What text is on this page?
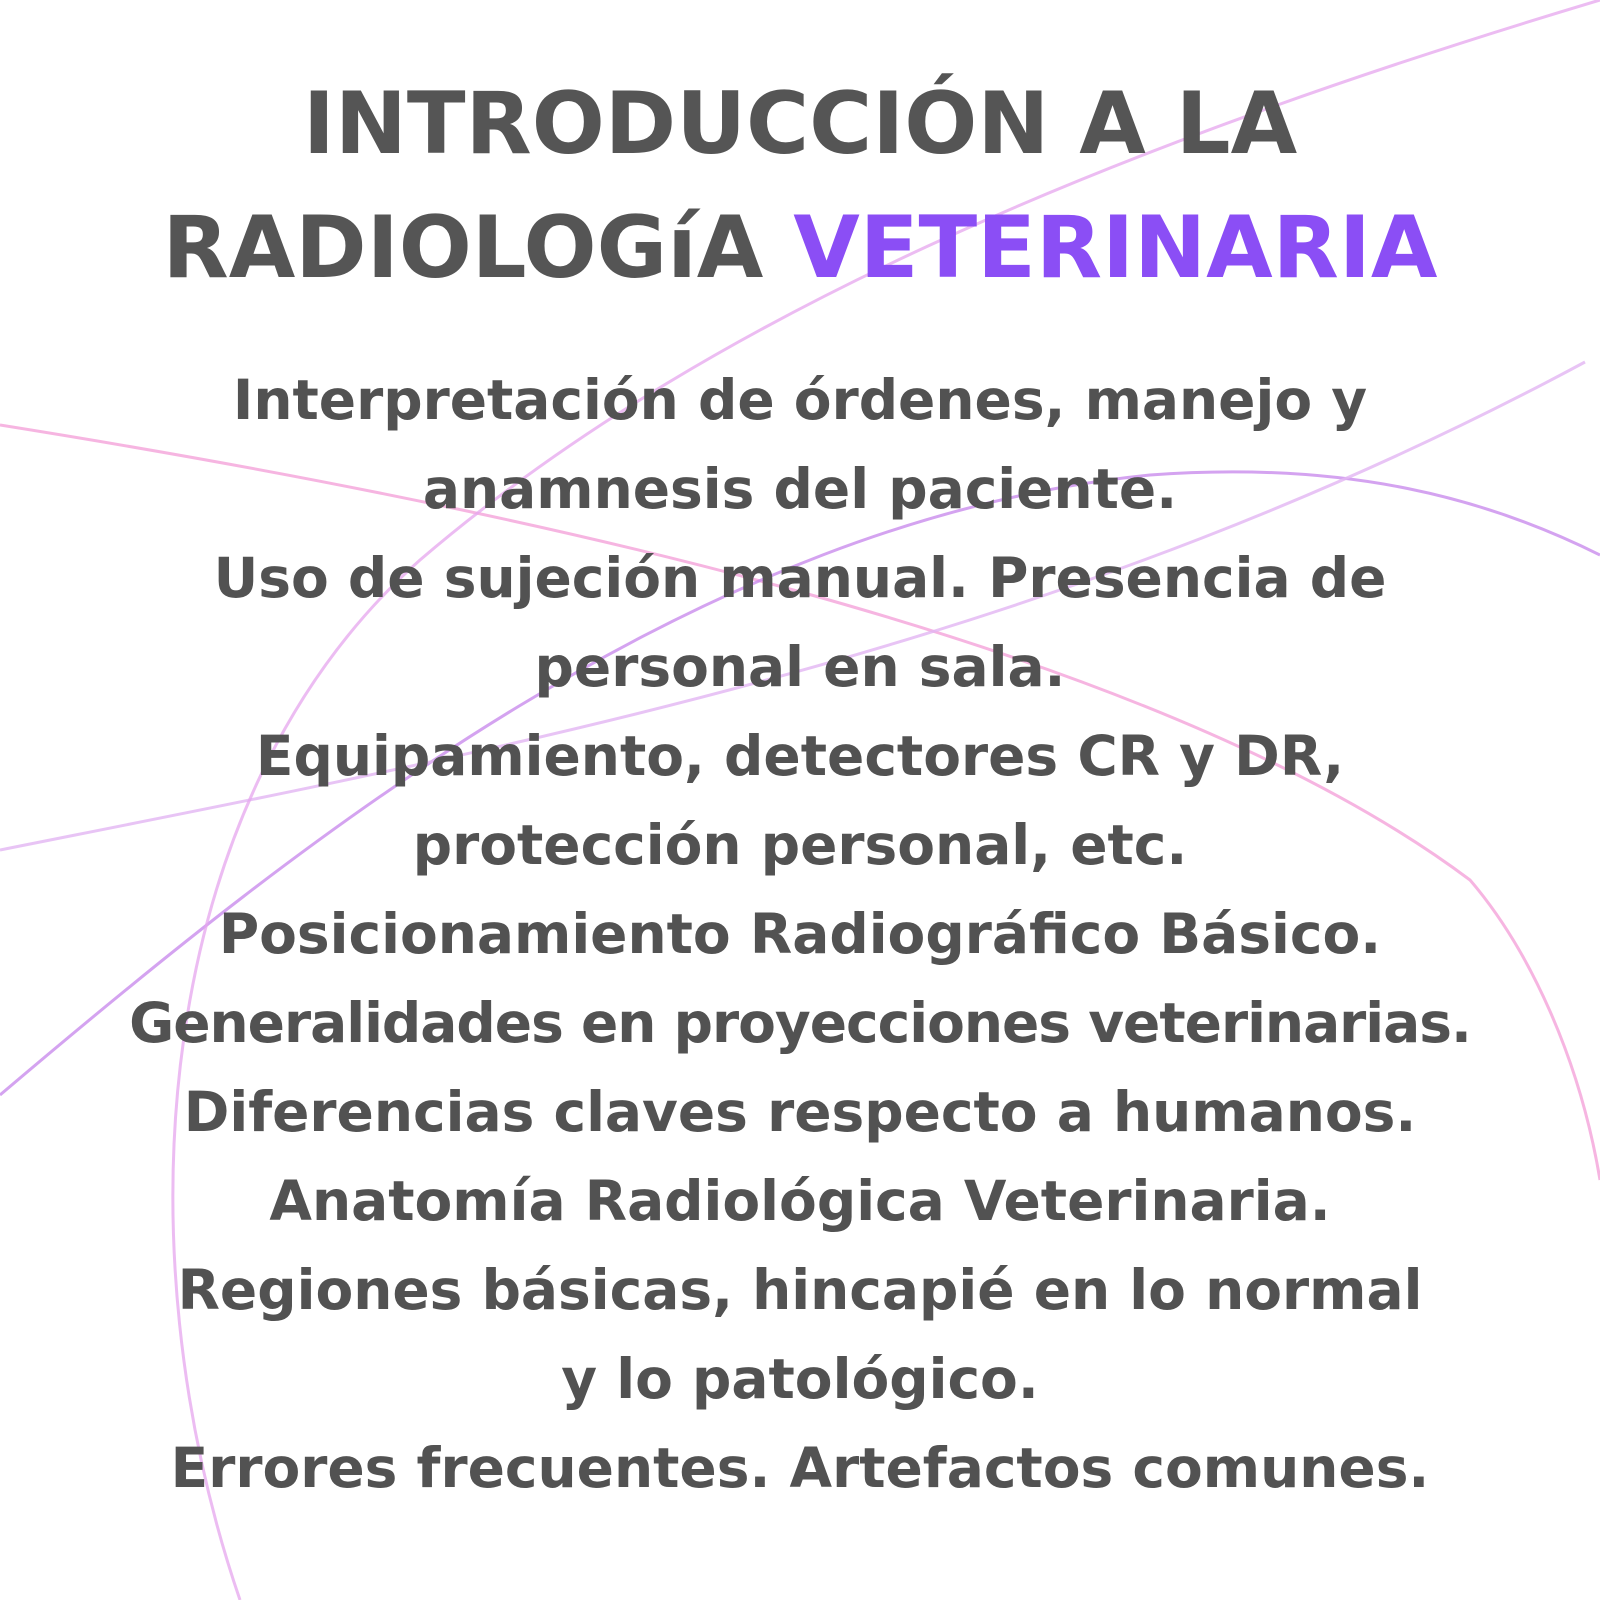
INTRODUCCIÓN A LA
RADIOLOGíA VETERINARIA
Interpretación de órdenes, manejo y
anamnesis del paciente.
Uso de sujeción manual. Presencia de
personal en sala.
Equipamiento, detectores CR y DR,
protección personal, etc.
Posicionamiento Radiográfico Básico.
Generalidades en proyecciones veterinarias.
Diferencias claves respecto a humanos.
Anatomía Radiológica Veterinaria.
Regiones básicas, hincapié en lo normal
y lo patológico.
Errores frecuentes. Artefactos comunes.
